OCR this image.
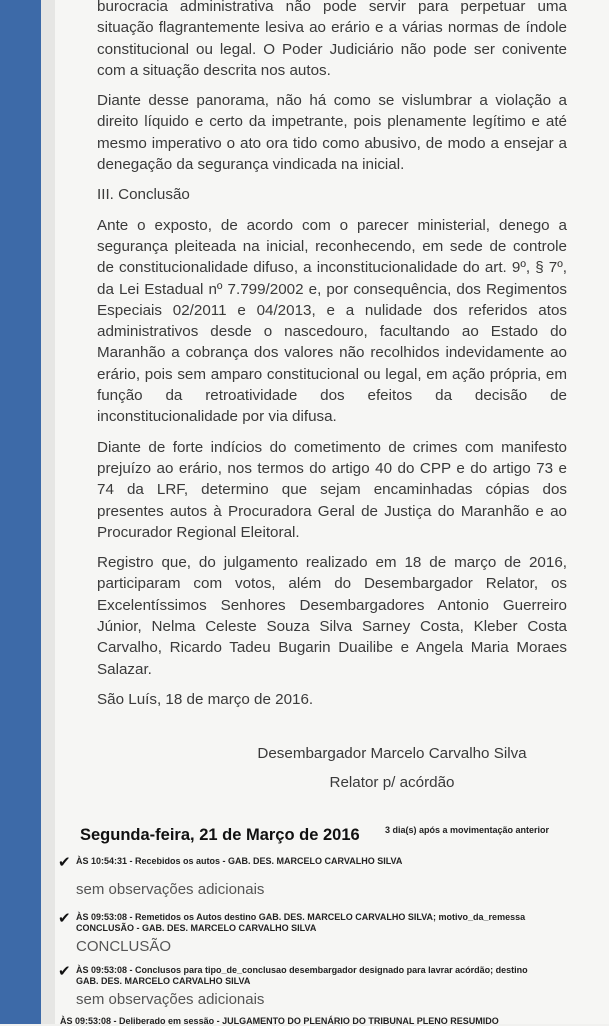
burocracia administrativa não pode servir para perpetuar uma situação flagrantemente lesiva ao erário e a várias normas de índole constitucional ou legal. O Poder Judiciário não pode ser conivente com a situação descrita nos autos.

Diante desse panorama, não há como se vislumbrar a violação a direito líquido e certo da impetrante, pois plenamente legítimo e até mesmo imperativo o ato ora tido como abusivo, de modo a ensejar a denegação da segurança vindicada na inicial.

III. Conclusão

Ante o exposto, de acordo com o parecer ministerial, denego a segurança pleiteada na inicial, reconhecendo, em sede de controle de constitucionalidade difuso, a inconstitucionalidade do art. 9º, § 7º, da Lei Estadual nº 7.799/2002 e, por consequência, dos Regimentos Especiais 02/2011 e 04/2013, e a nulidade dos referidos atos administrativos desde o nascedouro, facultando ao Estado do Maranhão a cobrança dos valores não recolhidos indevidamente ao erário, pois sem amparo constitucional ou legal, em ação própria, em função da retroatividade dos efeitos da decisão de inconstitucionalidade por via difusa.

Diante de forte indícios do cometimento de crimes com manifesto prejuízo ao erário, nos termos do artigo 40 do CPP e do artigo 73 e 74 da LRF, determino que sejam encaminhadas cópias dos presentes autos à Procuradora Geral de Justiça do Maranhão e ao Procurador Regional Eleitoral.

Registro que, do julgamento realizado em 18 de março de 2016, participaram com votos, além do Desembargador Relator, os Excelentíssimos Senhores Desembargadores Antonio Guerreiro Júnior, Nelma Celeste Souza Silva Sarney Costa, Kleber Costa Carvalho, Ricardo Tadeu Bugarin Duailibe e Angela Maria Moraes Salazar.

São Luís, 18 de março de 2016.

Desembargador Marcelo Carvalho Silva
Relator p/ acórdão
Segunda-feira, 21 de Março de 2016	3 dia(s) após a movimentação anterior
✔ ÀS 10:54:31 - Recebidos os autos - GAB. DES. MARCELO CARVALHO SILVA
sem observações adicionais
✔ ÀS 09:53:08 - Remetidos os Autos destino GAB. DES. MARCELO CARVALHO SILVA; motivo_da_remessa
CONCLUSÃO - GAB. DES. MARCELO CARVALHO SILVA
CONCLUSÃO
✔ ÀS 09:53:08 - Conclusos para tipo_de_conclusao desembargador designado para lavrar acórdão; destino
GAB. DES. MARCELO CARVALHO SILVA
sem observações adicionais
ÀS 09:53:08 - Deliberado em sessão - JULGAMENTO DO PLENÁRIO DO TRIBUNAL PLENO RESUMIDO
